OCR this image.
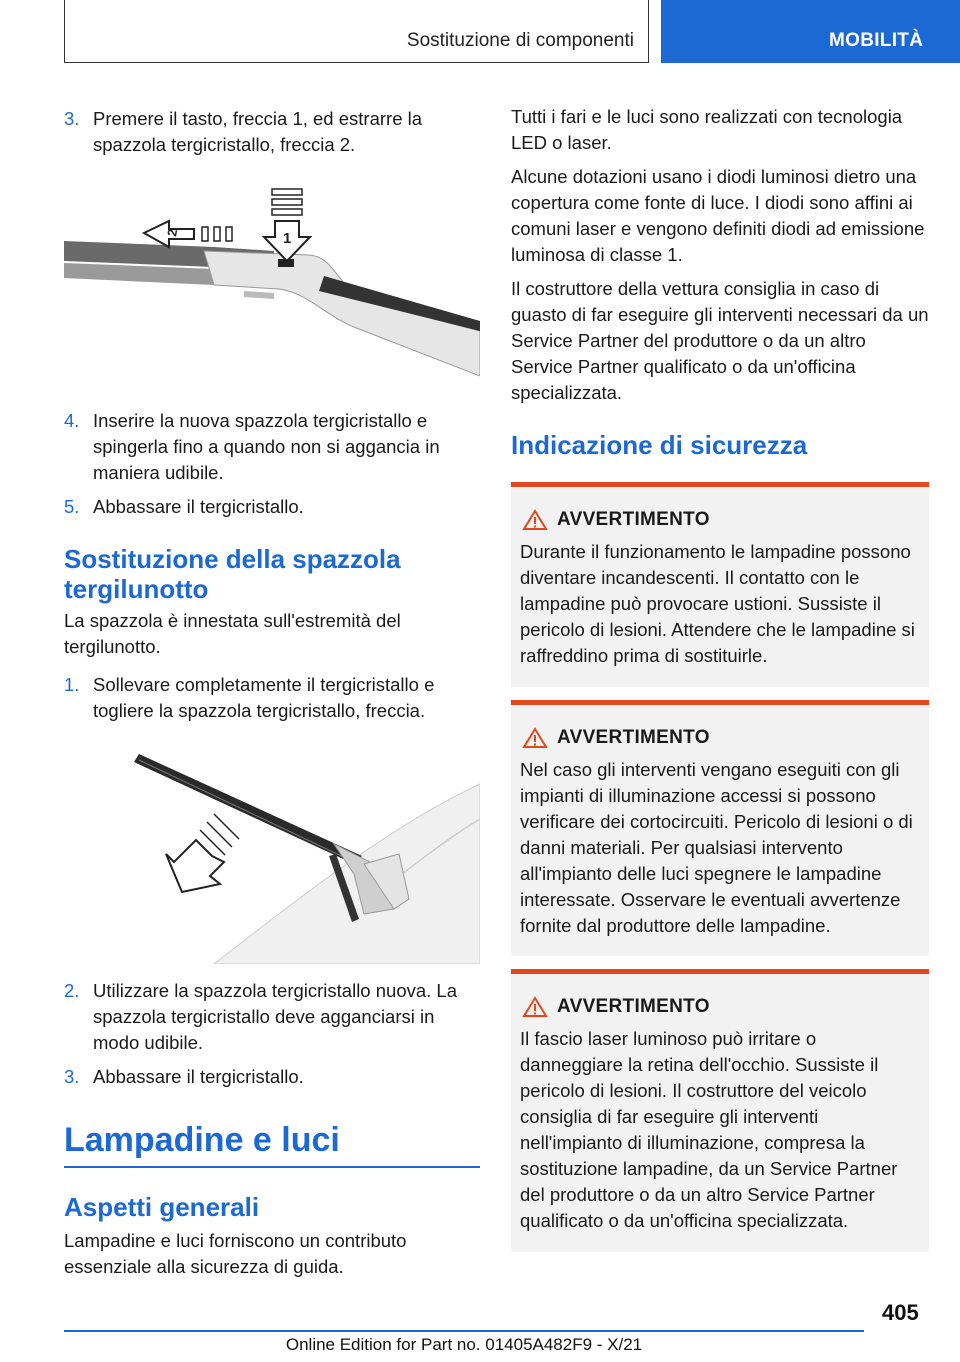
Sostituzione di componenti	MOBILITÀ
3. Premere il tasto, freccia 1, ed estrarre la spazzola tergicristallo, freccia 2.
2	1
4. Inserire la nuova spazzola tergicristallo e spingerla fino a quando non si aggancia in maniera udibile.
5. Abbassare il tergicristallo.
Sostituzione della spazzola tergilunotto

La spazzola è innestata sull'estremità del tergilunotto.

1. Sollevare completamente il tergicristallo e togliere la spazzola tergicristallo, freccia.
2. Utilizzare la spazzola tergicristallo nuova. La spazzola tergicristallo deve agganciarsi in modo udibile.
3. Abbassare il tergicristallo.
Lampadine e luci
Aspetti generali

Lampadine e luci forniscono un contributo essenziale alla sicurezza di guida.

Tutti i fari e le luci sono realizzati con tecnologia LED o laser.

Alcune dotazioni usano i diodi luminosi dietro una copertura come fonte di luce. I diodi sono affini ai comuni laser e vengono definiti diodi ad emissione luminosa di classe 1.

Il costruttore della vettura consiglia in caso di guasto di far eseguire gli interventi necessari da un Service Partner del produttore o da un altro Service Partner qualificato o da un'officina specializzata.

Indicazione di sicurezza
AVVERTIMENTO
Durante il funzionamento le lampadine possono diventare incandescenti. Il contatto con le lampadine può provocare ustioni. Sussiste il pericolo di lesioni. Attendere che le lampadine si raffreddino prima di sostituirle.
AVVERTIMENTO
Nel caso gli interventi vengano eseguiti con gli impianti di illuminazione accessi si possono verificare dei cortocircuiti. Pericolo di lesioni o di danni materiali. Per qualsiasi intervento all'impianto delle luci spegnere le lampadine interessate. Osservare le eventuali avvertenze fornite dal produttore delle lampadine.
AVVERTIMENTO
Il fascio laser luminoso può irritare o danneggiare la retina dell'occhio. Sussiste il pericolo di lesioni. Il costruttore del veicolo consiglia di far eseguire gli interventi nell'impianto di illuminazione, compresa la sostituzione lampadine, da un Service Partner del produttore o da un altro Service Partner qualificato o da un'officina specializzata.
405
Online Edition for Part no. 01405A482F9 - X/21
